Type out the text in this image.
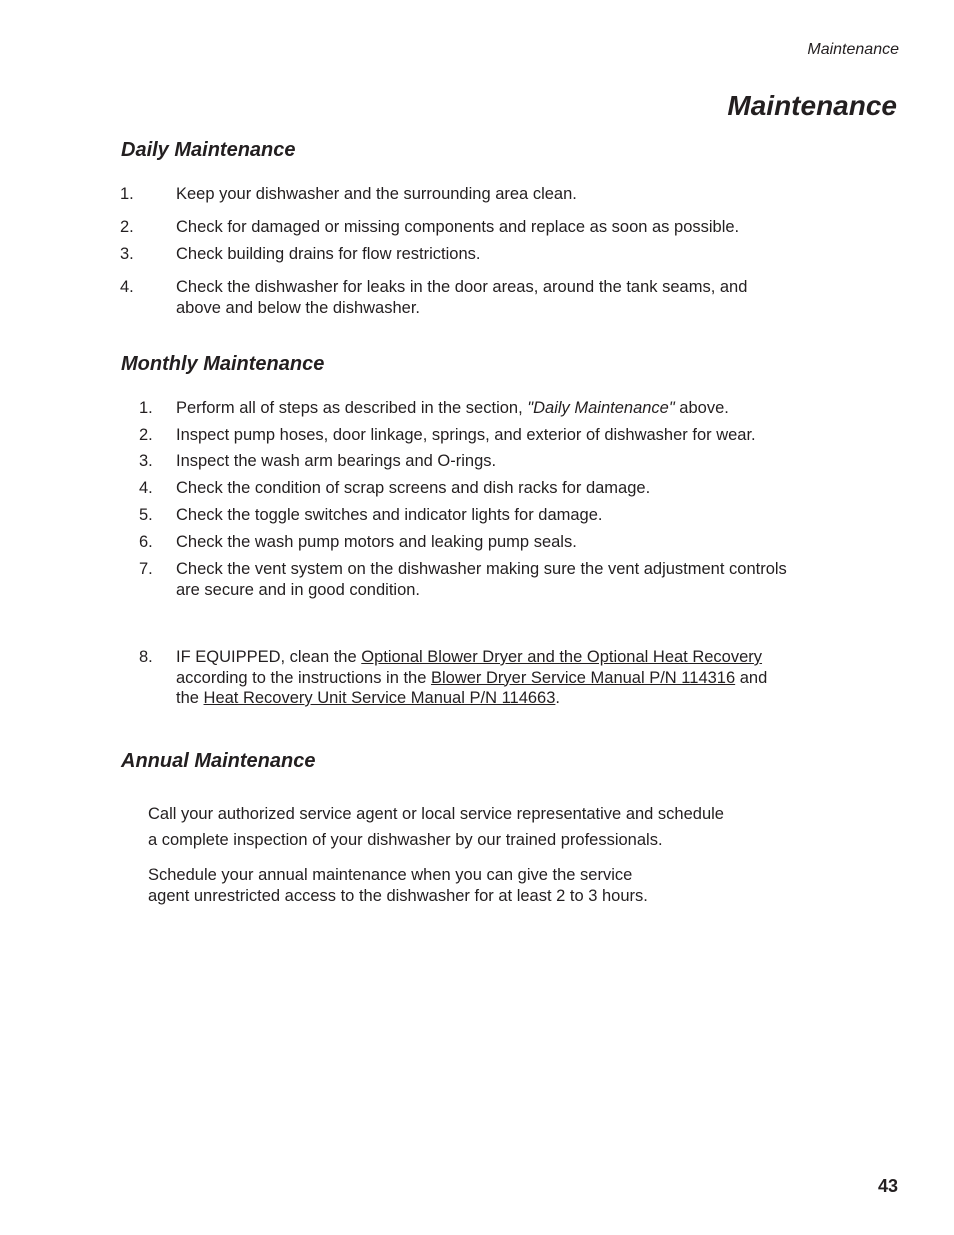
Maintenance
Maintenance
Daily Maintenance
1.	Keep your dishwasher and the surrounding area clean.
2.	Check for damaged or missing components and replace as soon as possible.
3.	Check building drains for flow restrictions.
4.	Check the dishwasher for leaks in the door areas, around the tank seams, and
above and below the dishwasher.
Monthly Maintenance
1. Perform all of steps as described in the section, "Daily Maintenance" above.
2. Inspect pump hoses, door linkage, springs, and exterior of dishwasher for wear.
3. Inspect the wash arm bearings and O-rings.
4. Check the condition of scrap screens and dish racks for damage.
5. Check the toggle switches and indicator lights for damage.
6. Check the wash pump motors and leaking pump seals.
7. Check the vent system on the dishwasher making sure the vent adjustment controls
are secure and in good condition.
8. IF EQUIPPED, clean the Optional Blower Dryer and the Optional Heat Recovery
according to the instructions in the Blower Dryer Service Manual P/N 114316 and
the Heat Recovery Unit Service Manual P/N 114663.
Annual Maintenance
Call your authorized service agent or local service representative and schedule
a complete inspection of your dishwasher by our trained professionals.
Schedule your annual maintenance when you can give the service
agent unrestricted access to the dishwasher for at least 2 to 3 hours.
43
